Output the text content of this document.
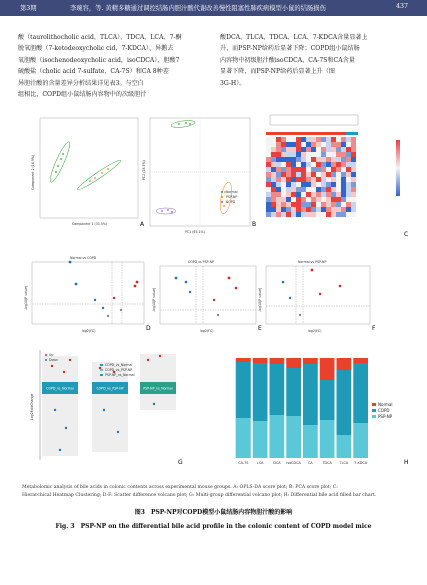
第3期	李琬容，等. 黄精多糖通过调控结肠内胆汁酸代谢改善慢性阻塞性肺疾病模型小鼠的结肠损伤	437
酸（taurolithocholic acid，TLCA）、TDCA、LCA、7-酮
脱氧胆酸（7-ketodeoxycholic cid，7-KDCA）、异鹅去
氧胆酸（isochenodeoxycholic acid，isoCDCA）、胆酸7
硫酸盐（cholic acid 7-sulfate，CA-7S）和CA 8种差
异胆汁酸的含量差异分析结果详见表3。与空白
组相比，COPD组小鼠结肠内容物中的次级胆汁
酸DCA、TLCA、TDCA、LCA、7-KDCA含量显著上
升，而PSP-NP给药后显著下降；COPD组小鼠结肠
内容物中初级胆汁酸isoCDCA、CA-7S和CA含量
显著下降，而PSP-NP给药后显著上升（图
3G-H）。
Component 1 (31.5%)
Component 2 (16.9%)
A
Normal
PSP-NP
COPD
PC1 (65.1%)
PC2 (28.5%)
B
C
Normal vs COPD
log2(FC)
-log10(P value)
D
COPD vs PSP-NP
log2(FC)
-log10(P value)
E
Normal vs PSP-NP
log2(FC)
-log10(P value)
F
COPD_vs_Normal	COPD_vs_PSP-NP	PSP-NP_vs_Normal
Log2FoldChange
Up
Down
COPD_vs_Normal
COPD_vs_PSP-NP
PSP-NP_vs_Normal
G	CA-7S LCA	DCA isoCDCA CA	TDCA TLCA 7-KDCA
Normal
COPD
PSP-NP
H
Metabolomic analysis of bile acids in colonic contents across experimental mouse groups. A: OPLS-DA score plot; B: PCA score plot; C:
Hierarchical Heatmap Clustering; D-F: Scatter difference volcano plot; G: Multi-group differential volcano plot; H: Differential bile acid filled bar chart.
图3　PSP-NP对COPD模型小鼠结肠内容物胆汁酸的影响
Fig. 3　PSP-NP on the differential bile acid profile in the colonic content of COPD model mice
